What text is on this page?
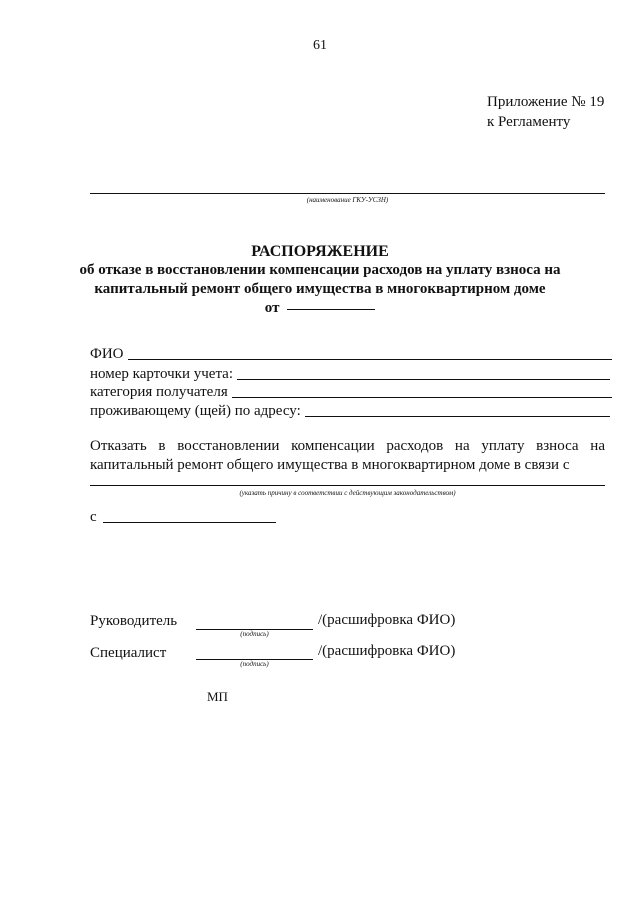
61
Приложение № 19
к Регламенту
(наименование ГКУ-УСЗН)
РАСПОРЯЖЕНИЕ
об отказе в восстановлении компенсации расходов на уплату взноса на
капитальный ремонт общего имущества в многоквартирном доме
от
ФИО
номер карточки учета:
категория получателя
проживающему (щей) по адресу:
Отказать в восстановлении компенсации расходов на уплату взноса на
капитальный ремонт общего имущества в многоквартирном доме в связи с
(указать причину в соответствии с действующим законодательством)
с
Руководитель
(подпись)
/(расшифровка ФИО)
Специалист
(подпись)
/(расшифровка ФИО)
МП
